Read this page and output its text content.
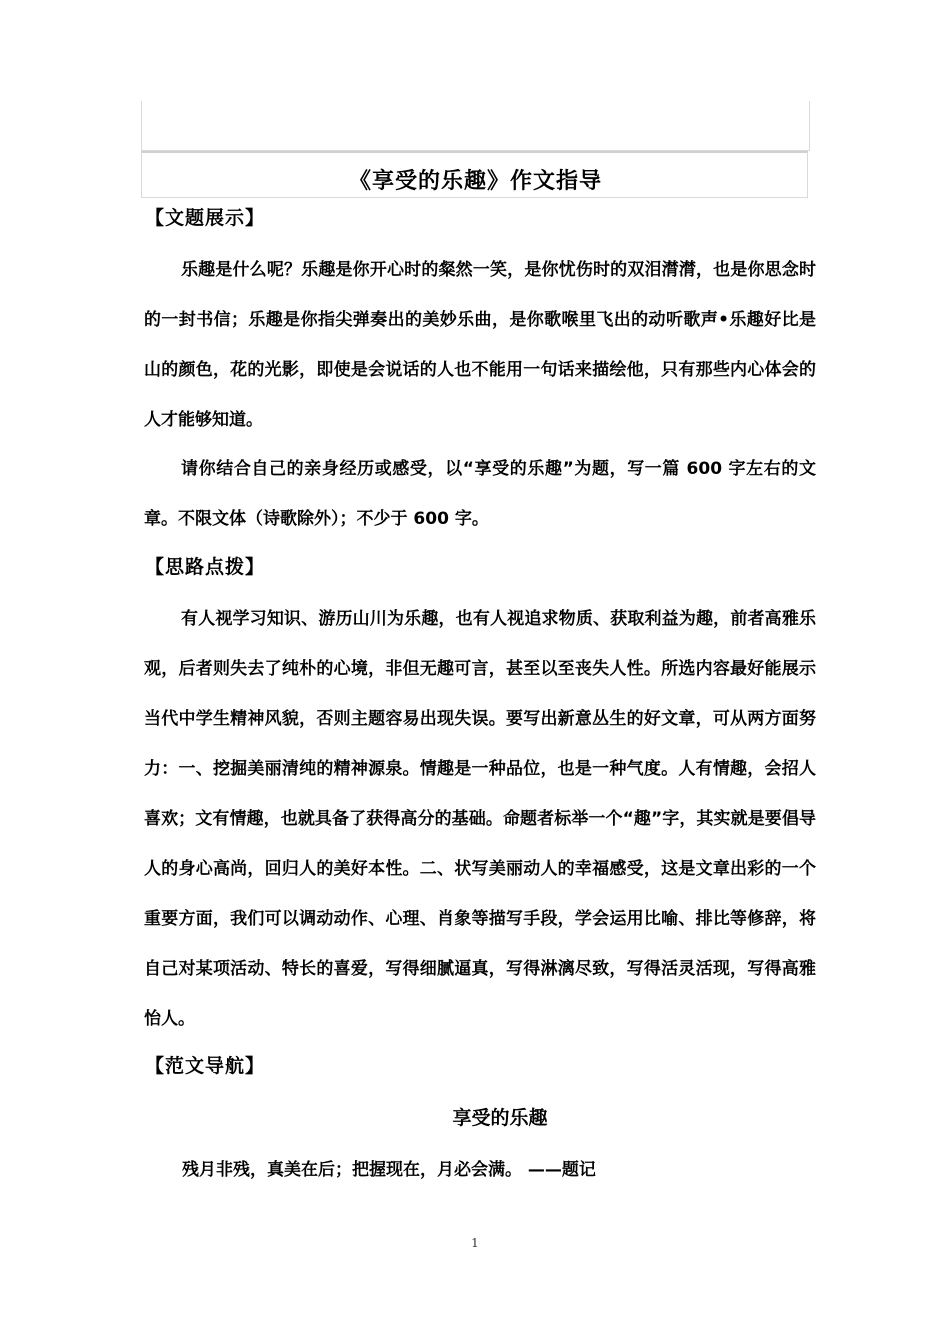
《享受的乐趣》作文指导
【文题展示】

乐趣是什么呢？乐趣是你开心时的粲然一笑，是你忧伤时的双泪潸潸，也是你思念时的一封书信；乐趣是你指尖弹奏出的美妙乐曲，是你歌喉里飞出的动听歌声•乐趣好比是山的颜色，花的光影，即使是会说话的人也不能用一句话来描绘他，只有那些内心体会的人才能够知道。

请你结合自己的亲身经历或感受，以“享受的乐趣”为题，写一篇 600 字左右的文章。不限文体（诗歌除外）；不少于 600 字。

【思路点拨】

有人视学习知识、游历山川为乐趣，也有人视追求物质、获取利益为趣，前者高雅乐观，后者则失去了纯朴的心境，非但无趣可言，甚至以至丧失人性。所选内容最好能展示当代中学生精神风貌，否则主题容易出现失误。要写出新意丛生的好文章，可从两方面努力：一、挖掘美丽清纯的精神源泉。情趣是一种品位，也是一种气度。人有情趣，会招人喜欢；文有情趣，也就具备了获得高分的基础。命题者标举一个“趣”字，其实就是要倡导人的身心高尚，回归人的美好本性。二、状写美丽动人的幸福感受，这是文章出彩的一个重要方面，我们可以调动动作、心理、肖象等描写手段，学会运用比喻、排比等修辞，将自己对某项活动、特长的喜爱，写得细腻逼真，写得淋漓尽致，写得活灵活现，写得高雅怡人。

【范文导航】
享受的乐趣

残月非残，真美在后；把握现在，月必会满。 ——题记

1
